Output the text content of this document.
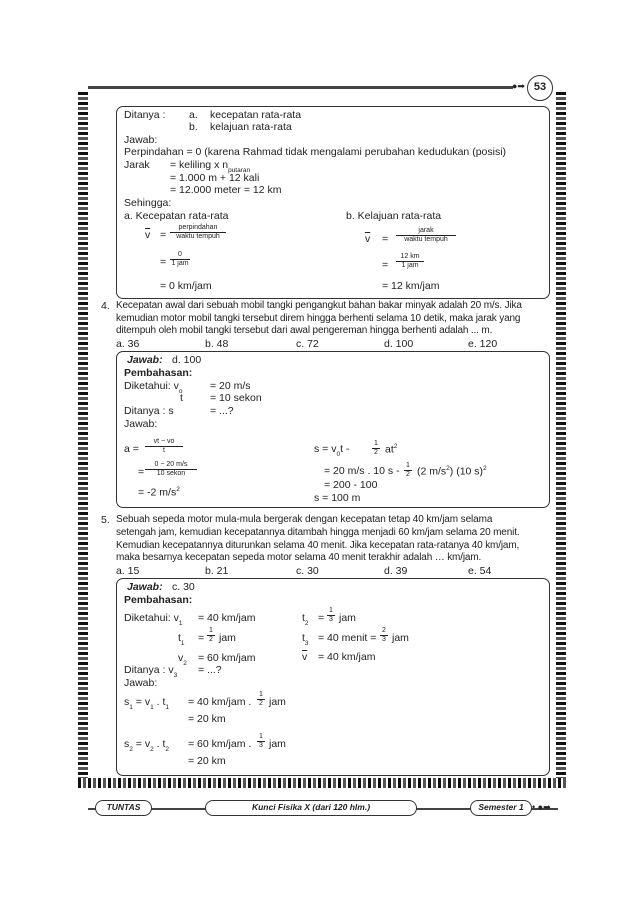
53
●➡
TUNTAS	Kunci Fisika X (dari 120 hlm.)	Semester 1 • ●➡
Ditanya : a. kecepatan rata-rata
b. kelajuan rata-rata
Jawab:
Perpindahan = 0 (karena Rahmad tidak mengalami perubahan kedudukan (posisi)
Jarak = keliling x $n_{putaran}$
= 1.000 m + 12 kali
= 12.000 meter = 12 km
Sehingga:
a. Kecepatan rata-rata
$\overline{v}$ =
perpindahan
waktu tempuh
=
0
1 jam
= 0 km/jam
b. Kelajuan rata-rata
$\overline{v}$ =
jarak
waktu tempuh
=
12 km
1 jam
= 12 km/jam
4. Kecepatan awal dari sebuah mobil tangki pengangkut bahan bakar minyak adalah 20 m/s. Jika
kemudian motor mobil tangki tersebut direm hingga berhenti selama 10 detik, maka jarak yang
ditempuh oleh mobil tangki tersebut dari awal pengereman hingga berhenti adalah ... m.
a. 36	b. 48	c. 72	d. 100	e. 120
Jawab: d. 100
Pembahasan:
Diketahui: $v_o$	= 20 m/s
t	= 10 sekon
Ditanya : s	= ...?
Jawab:
$a = \frac{vt - vo}{t}$
=
0 − 20 m/s
10 sekon
= -2 $m/s^2$
$s = v_0t$ -	$\frac{1}{2} at^2$
= 20 m/s . 10 s - $\frac{1}{2} (2$ $m/s^2$) (10 s)$^2$
= 200 - 100
s = 100 m
5. Sebuah sepeda motor mula-mula bergerak dengan kecepatan tetap 40 km/jam selama
setengah jam, kemudian kecepatannya ditambah hingga menjadi 60 km/jam selama 20 menit.
Kemudian kecepatannya diturunkan selama 40 menit. Jika kecepatan rata-ratanya 40 km/jam,
maka besarnya kecepatan sepeda motor selama 40 menit terakhir adalah … km/jam.
a. 15	b. 21	c. 30	d. 39	e. 54
Jawab: c. 30
Pembahasan:
Diketahui: $v_1 = 40$ km/jam
$t_1 = \frac{1}{2}$ jam
$v_2 = 60$ km/jam
$t_2 = \frac{1}{3}$ jam
$t_3 = 40$ menit = $\frac{2}{3}$ jam
$\overline{v} = 40$ km/jam
Ditanya : $v_3$ = ...?
Jawab:
$s_1 = v_1$ . $t_1 = 40$ km/jam . $\frac{1}{2}$ jam
= 20 km
$s_2 = v_2$ . $t_2 = 60$ km/jam . $\frac{1}{3}$ jam
= 20 km
